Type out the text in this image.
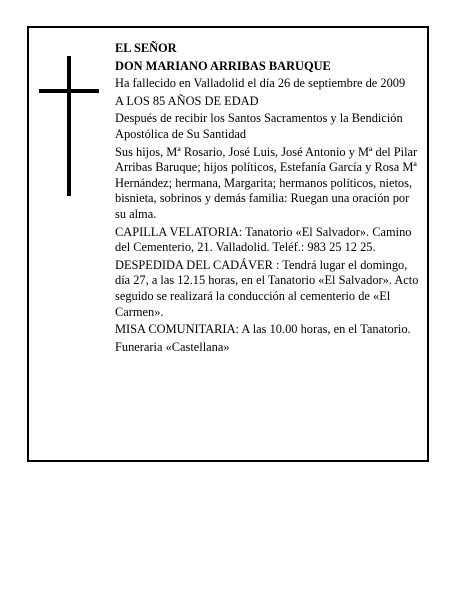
EL SEÑOR

DON MARIANO ARRIBAS BARUQUE

Ha fallecido en Valladolid el día 26 de septiembre de 2009

A LOS 85 AÑOS DE EDAD

Después de recibir los Santos Sacramentos y la Bendición Apostólica de Su Santidad

Sus hijos, Mª Rosario, José Luis, José Antonio y Mª del Pilar Arribas Baruque; hijos políticos, Estefanía García y Rosa Mª Hernández; hermana, Margarita; hermanos políticos, nietos, bisnieta, sobrinos y demás familia: Ruegan una oración por su alma.

CAPILLA VELATORIA: Tanatorio «El Salvador». Camino del Cementerio, 21. Valladolid. Teléf.: 983 25 12 25.

DESPEDIDA DEL CADÁVER : Tendrá lugar el domingo, día 27, a las 12.15 horas, en el Tanatorio «El Salvador». Acto seguido se realizará la conducción al cementerio de «El Carmen».

MISA COMUNITARIA: A las 10.00 horas, en el Tanatorio.

Funeraria «Castellana»
